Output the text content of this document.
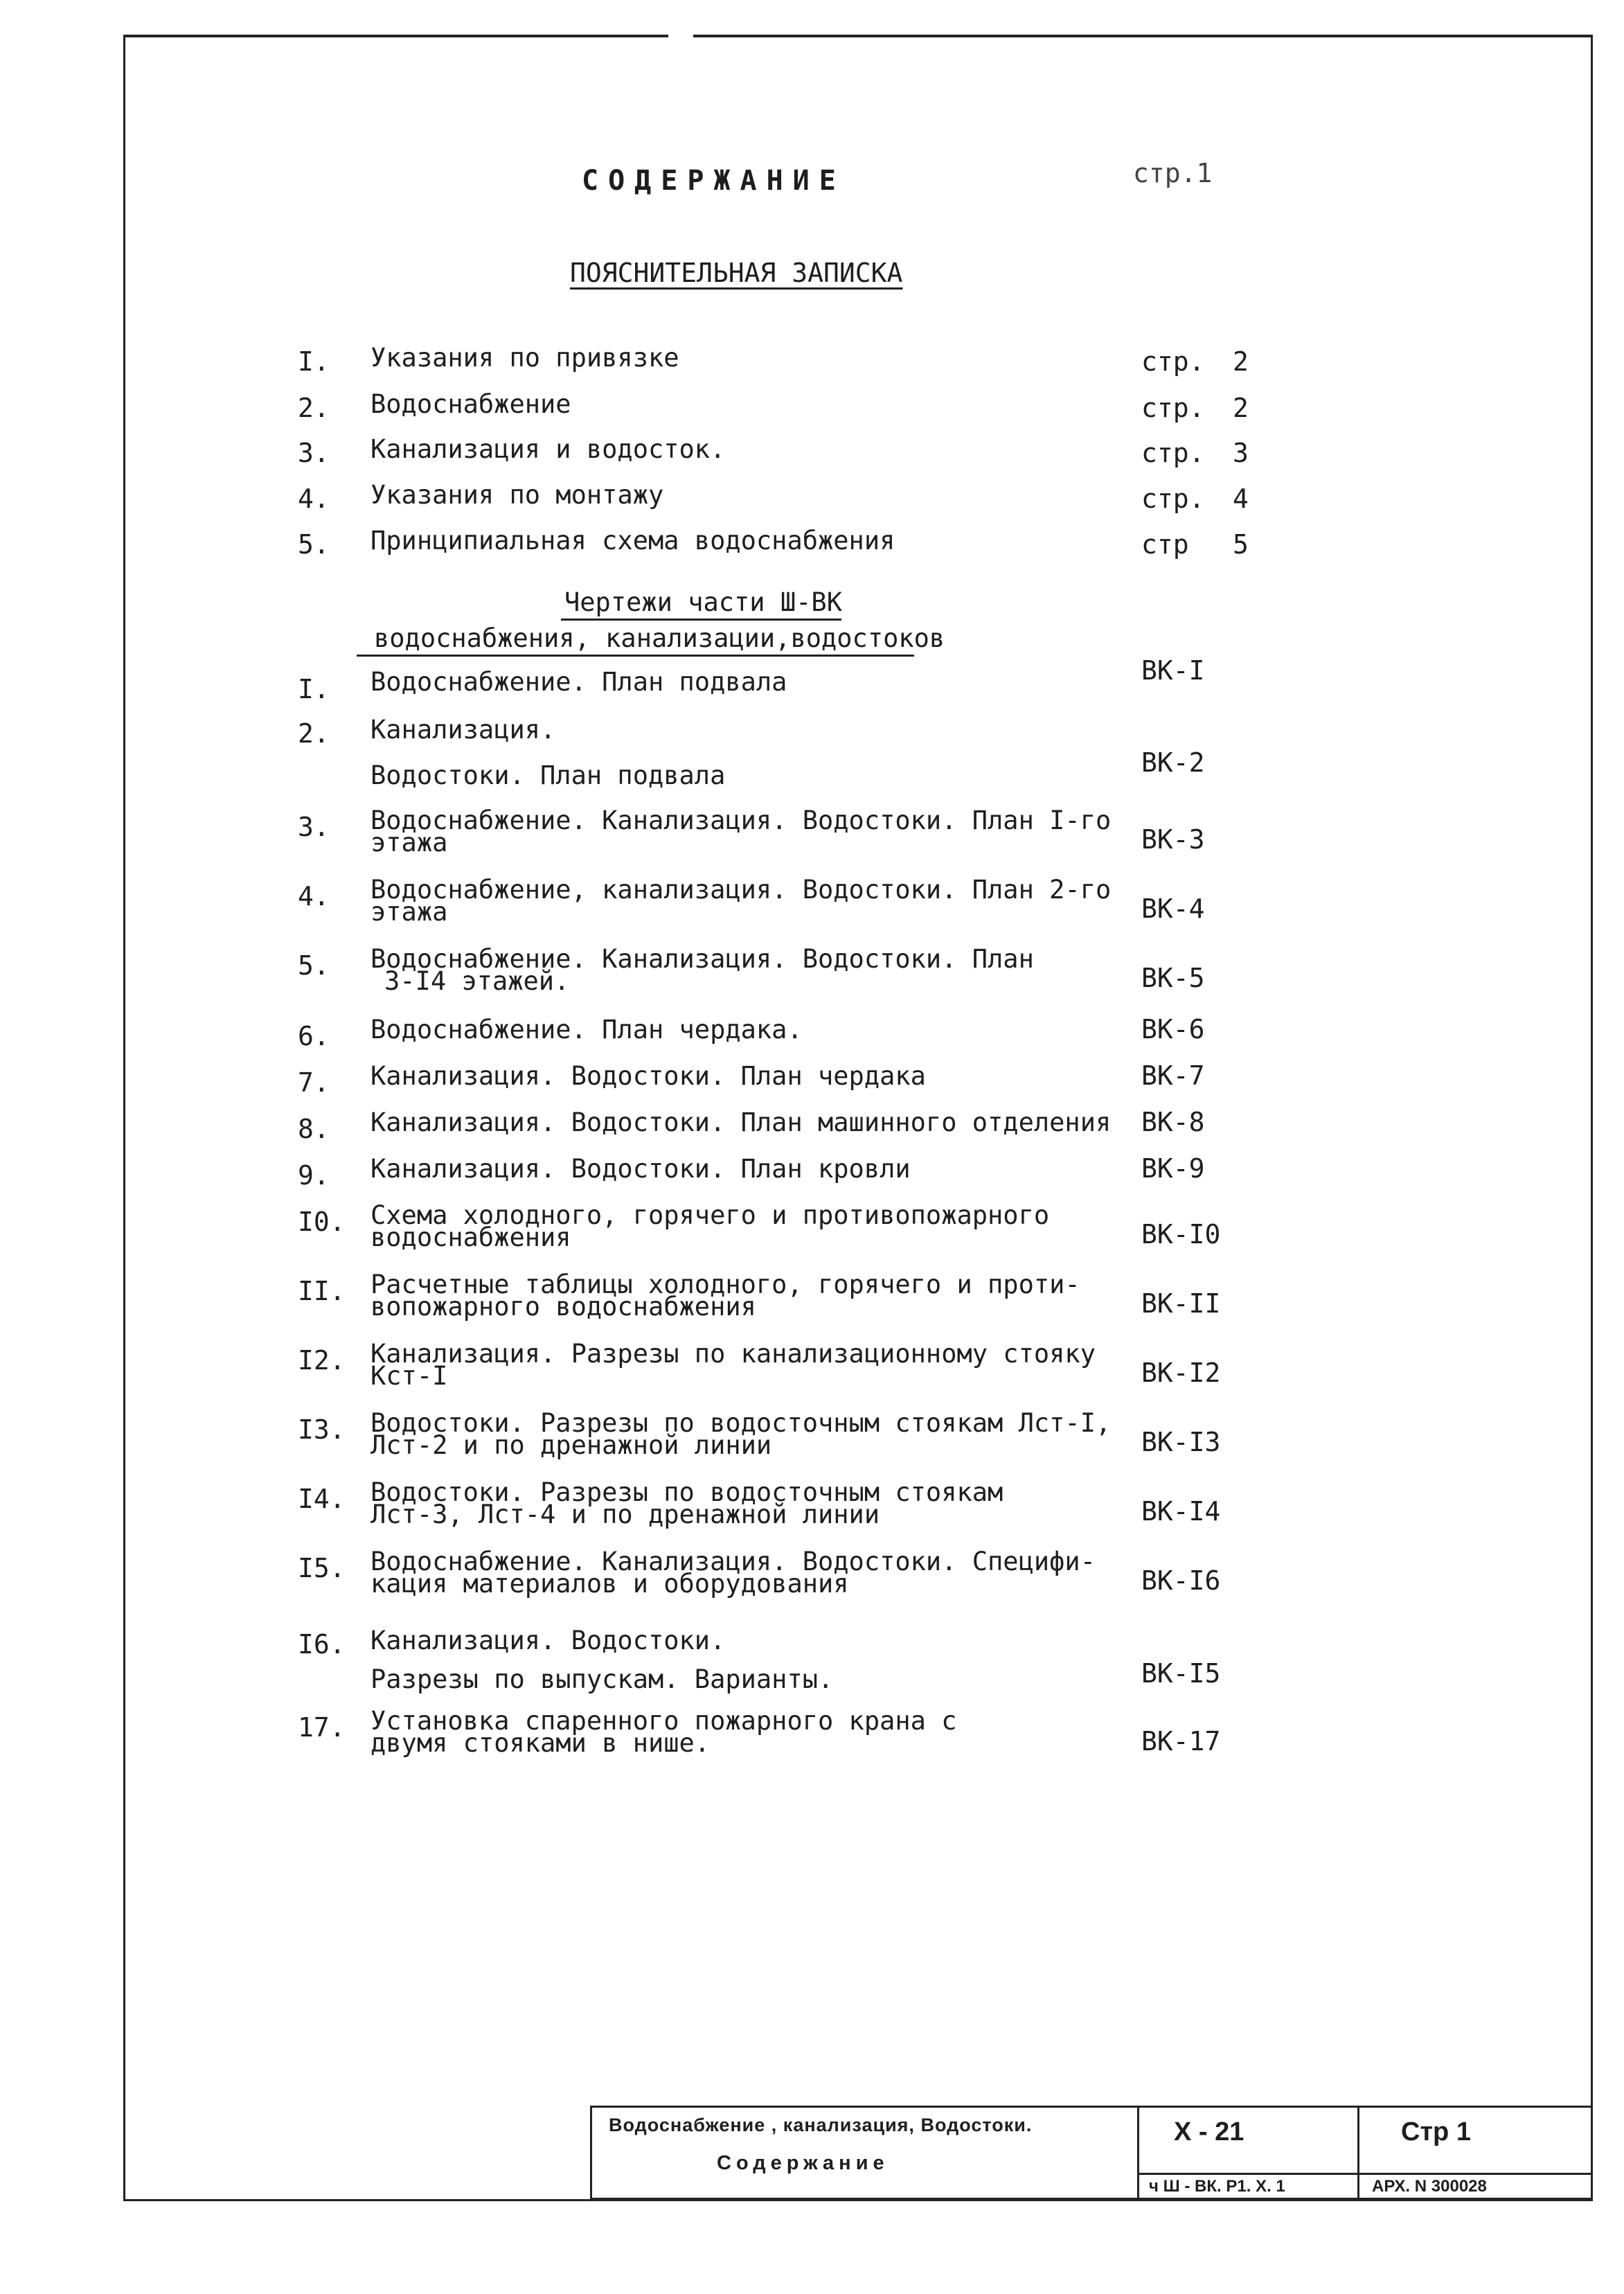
СОДЕРЖАНИЕ	стр.1
ПОЯСНИТЕЛЬНАЯ ЗАПИСКА
I. Указания по привязке	стр. 2
2. Водоснабжение	стр. 2
3. Канализация и водосток.	стр. 3
4. Указания по монтажу	стр. 4
5. Принципиальная схема водоснабжения	стр 5
Чертежи части Ш-ВК
водоснабжения, канализации,водостоков
I. Водоснабжение. План подвала	ВК-I
2. Канализация.
Водостоки. План подвала	ВК-2
3. Водоснабжение. Канализация. Водостоки. План I-го
этажа	ВК-3
4. Водоснабжение, канализация. Водостоки. План 2-го
этажа	ВК-4
5. Водоснабжение. Канализация. Водостоки. План
3-I4 этажей.	ВК-5
6. Водоснабжение. План чердака.	ВК-6
7. Канализация. Водостоки. План чердака	ВК-7
8. Канализация. Водостоки. План машинного отделения ВК-8
9. Канализация. Водостоки. План кровли	ВК-9
I0. Схема холодного, горячего и противопожарного
водоснабжения	ВК-I0
II. Расчетные таблицы холодного, горячего и проти-
вопожарного водоснабжения	ВК-II
I2. Канализация. Разрезы по канализационному стояку
Кст-I	ВК-I2
I3. Водостоки. Разрезы по водосточным стоякам Лст-I,
Лст-2 и по дренажной линии	ВК-I3
I4. Водостоки. Разрезы по водосточным стоякам
Лст-3, Лст-4 и по дренажной линии	ВК-I4
I5. Водоснабжение. Канализация. Водостоки. Специфи-
кация материалов и оборудования	ВК-I6
I6. Канализация. Водостоки.
Разрезы по выпускам. Варианты.	ВК-I5
17. Установка спаренного пожарного крана с
двумя стояками в нише.	ВК-17
Водоснабжение , канализация, Водостоки.
Содержание
X - 21
ч Ш - ВК. Р1. Х. 1
Стр 1
АРХ. N 300028
